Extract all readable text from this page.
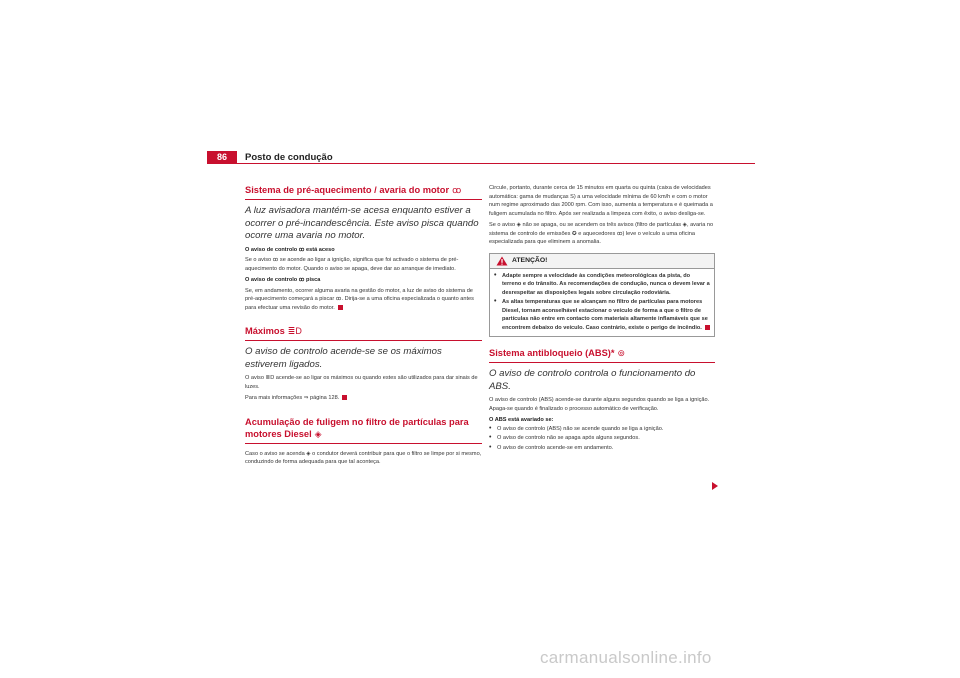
86	Posto de condução
Sistema de pré-aquecimento / avaria do motor ꝏ
A luz avisadora mantém-se acesa enquanto estiver a ocorrer o pré-incandescência. Este aviso pisca quando ocorre uma avaria no motor.
O aviso de controlo ꝏ está aceso

Se o aviso ꝏ se acende ao ligar a ignição, significa que foi activado o sistema de pré-aquecimento do motor. Quando o aviso se apaga, deve dar ao arranque de imediato.

O aviso de controlo ꝏ pisca

Se, em andamento, ocorrer alguma avaria na gestão do motor, a luz de aviso do sistema de pré-aquecimento começará a piscar ꝏ. Dirija-se a uma oficina especializada o quanto antes para efectuar uma revisão do motor.

Máximos ≣D
O aviso de controlo acende-se se os máximos estiverem ligados.

O aviso ≣D acende-se ao ligar os máximos ou quando estes são utilizados para dar sinais de luzes.

Para mais informações ⇒ página 128.

Acumulação de fuligem no filtro de partículas para motores Diesel ◈

Caso o aviso se acenda ◈ o condutor deverá contribuir para que o filtro se limpe por si mesmo, conduzindo de forma adequada para que tal aconteça.

Circule, portanto, durante cerca de 15 minutos em quarta ou quinta (caixa de velocidades automática: gama de mudanças S) a uma velocidade mínima de 60 km/h e com o motor num regime aproximado das 2000 rpm. Com isso, aumenta a temperatura e é queimada a fuligem acumulada no filtro. Após ser realizada a limpeza com êxito, o aviso desliga-se.

Se o aviso ◈ não se apaga, ou se acendem os três avisos (filtro de partículas ◈, avaria no sistema de controlo de emissões ✪ e aquecedores ꝏ) leve o veículo a uma oficina especializada para que eliminem a anomalia.

ATENÇÃO!
• Adapte sempre a velocidade às condições meteorológicas da pista, do terreno e do trânsito. As recomendações de condução, nunca o devem levar a desrespeitar as disposições legais sobre circulação rodoviária.
• As altas temperaturas que se alcançam no filtro de partículas para motores Diesel, tornam aconselhável estacionar o veículo de forma a que o filtro de partículas não entre em contacto com materiais altamente inflamáveis que se encontrem debaixo do veículo. Caso contrário, existe o perigo de incêndio.
Sistema antibloqueio (ABS)* ⊚
O aviso de controlo controla o funcionamento do ABS.

O aviso de controlo (ABS) acende-se durante alguns segundos quando se liga a ignição. Apaga-se quando é finalizado o processo automático de verificação.

O ABS está avariado se:
• O aviso de controlo (ABS) não se acende quando se liga a ignição.
• O aviso de controlo não se apaga após alguns segundos.
• O aviso de controlo acende-se em andamento.
carmanualsonline.info
